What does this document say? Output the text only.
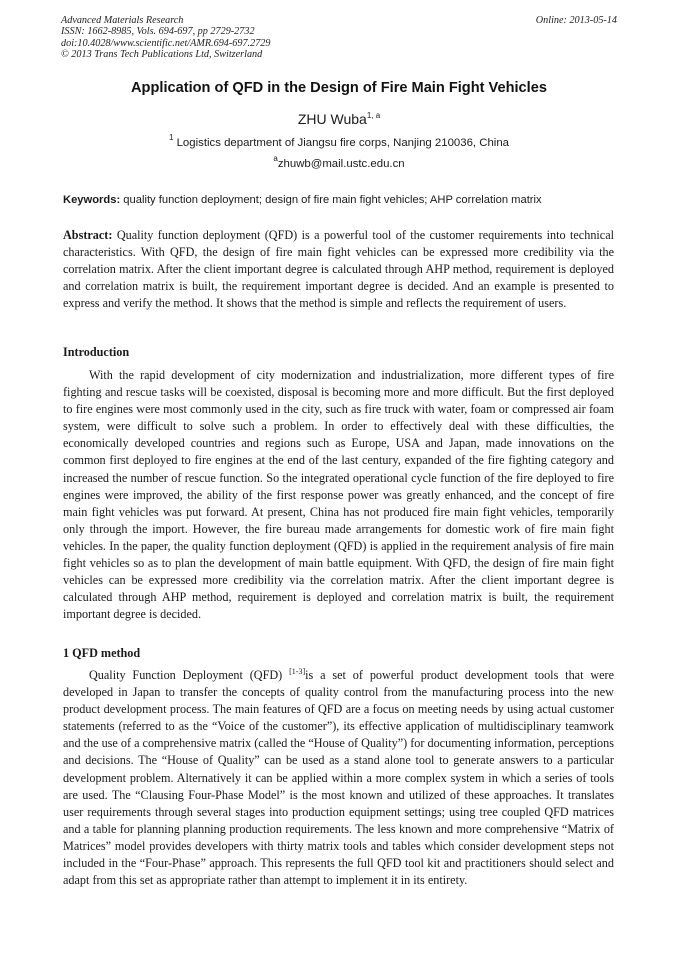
Advanced Materials Research
ISSN: 1662-8985, Vols. 694-697, pp 2729-2732
doi:10.4028/www.scientific.net/AMR.694-697.2729
© 2013 Trans Tech Publications Ltd, Switzerland
Online: 2013-05-14
Application of QFD in the Design of Fire Main Fight Vehicles
ZHU Wuba$^{1, a}$
$^1$ Logistics department of Jiangsu fire corps, Nanjing 210036, China
$^a$zhuwb@mail.ustc.edu.cn
Keywords: quality function deployment; design of fire main fight vehicles; AHP correlation matrix
Abstract: Quality function deployment (QFD) is a powerful tool of the customer requirements into technical characteristics. With QFD, the design of fire main fight vehicles can be expressed more credibility via the correlation matrix. After the client important degree is calculated through AHP method, requirement is deployed and correlation matrix is built, the requirement important degree is decided. And an example is presented to express and verify the method. It shows that the method is simple and reflects the requirement of users.
Introduction
With the rapid development of city modernization and industrialization, more different types of fire fighting and rescue tasks will be coexisted, disposal is becoming more and more difficult. But the first deployed to fire engines were most commonly used in the city, such as fire truck with water, foam or compressed air foam system, were difficult to solve such a problem. In order to effectively deal with these difficulties, the economically developed countries and regions such as Europe, USA and Japan, made innovations on the common first deployed to fire engines at the end of the last century, expanded of the fire fighting category and increased the number of rescue function. So the integrated operational cycle function of the fire deployed to fire engines were improved, the ability of the first response power was greatly enhanced, and the concept of fire main fight vehicles was put forward. At present, China has not produced fire main fight vehicles, temporarily only through the import. However, the fire bureau made arrangements for domestic work of fire main fight vehicles. In the paper, the quality function deployment (QFD) is applied in the requirement analysis of fire main fight vehicles so as to plan the development of main battle equipment. With QFD, the design of fire main fight vehicles can be expressed more credibility via the correlation matrix. After the client important degree is calculated through AHP method, requirement is deployed and correlation matrix is built, the requirement important degree is decided.
1 QFD method
Quality Function Deployment (QFD) [1-3]is a set of powerful product development tools that were developed in Japan to transfer the concepts of quality control from the manufacturing process into the new product development process. The main features of QFD are a focus on meeting needs by using actual customer statements (referred to as the “Voice of the customer”), its effective application of multidisciplinary teamwork and the use of a comprehensive matrix (called the “House of Quality”) for documenting information, perceptions and decisions. The “House of Quality” can be used as a stand alone tool to generate answers to a particular development problem. Alternatively it can be applied within a more complex system in which a series of tools are used. The “Clausing Four-Phase Model” is the most known and utilized of these approaches. It translates user requirements through several stages into production equipment settings; using tree coupled QFD matrices and a table for planning planning production requirements. The less known and more comprehensive “Matrix of Matrices” model provides developers with thirty matrix tools and tables which consider development steps not included in the “Four-Phase” approach. This represents the full QFD tool kit and practitioners should select and adapt from this set as appropriate rather than attempt to implement it in its entirety.
